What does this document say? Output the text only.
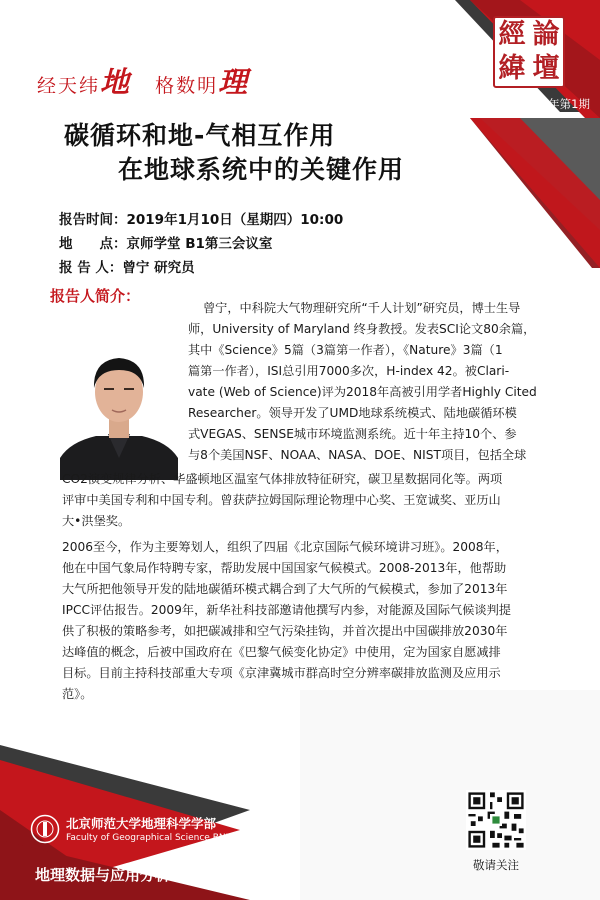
經 論
緯 壇
2019年第1期
经天纬地 格数明理
碳循环和地-气相互作用
在地球系统中的关键作用
报告时间：2019年1月10日（星期四）10:00
地　　点：京师学堂 B1第三会议室
报 告 人：曾宁 研究员
报告人简介：
曾宁，中科院大气物理研究所“千人计划”研究员，博士生导
师，University of Maryland 终身教授。发表SCI论文80余篇，
其中《Science》5篇（3篇第一作者），《Nature》3篇（1
篇第一作者），ISI总引用7000多次，H-index 42。被Clari-
vate (Web of Science)评为2018年高被引用学者Highly Cited
Researcher。领导开发了UMD地球系统模式、陆地碳循环模
式VEGAS、SENSE城市环境监测系统。近十年主持10个、参
与8个美国NSF、NOAA、NASA、DOE、NIST项目，包括全球
CO2演变规律分析、华盛顿地区温室气体排放特征研究，碳卫星数据同化等。两项
评审中美国专利和中国专利。曾获萨拉姆国际理论物理中心奖、王宽诚奖、亚历山
大•洪堡奖。
2006至今，作为主要筹划人，组织了四届《北京国际气候环境讲习班》。2008年，
他在中国气象局作特聘专家，帮助发展中国国家气候模式。2008-2013年，他帮助
大气所把他领导开发的陆地碳循环模式耦合到了大气所的气候模式，参加了2013年
IPCC评估报告。2009年，新华社科技部邀请他撰写内参，对能源及国际气候谈判提
供了积极的策略参考，如把碳减排和空气污染挂钩，并首次提出中国碳排放2030年
达峰值的概念，后被中国政府在《巴黎气候变化协定》中使用，定为国家自愿减排
目标。目前主持科技部重大专项《京津冀城市群高时空分辨率碳排放监测及应用示
范》。
北京师范大学地理科学学部
Faculty of Geographical Science BNU
地理数据与应用分析中心
敬请关注
